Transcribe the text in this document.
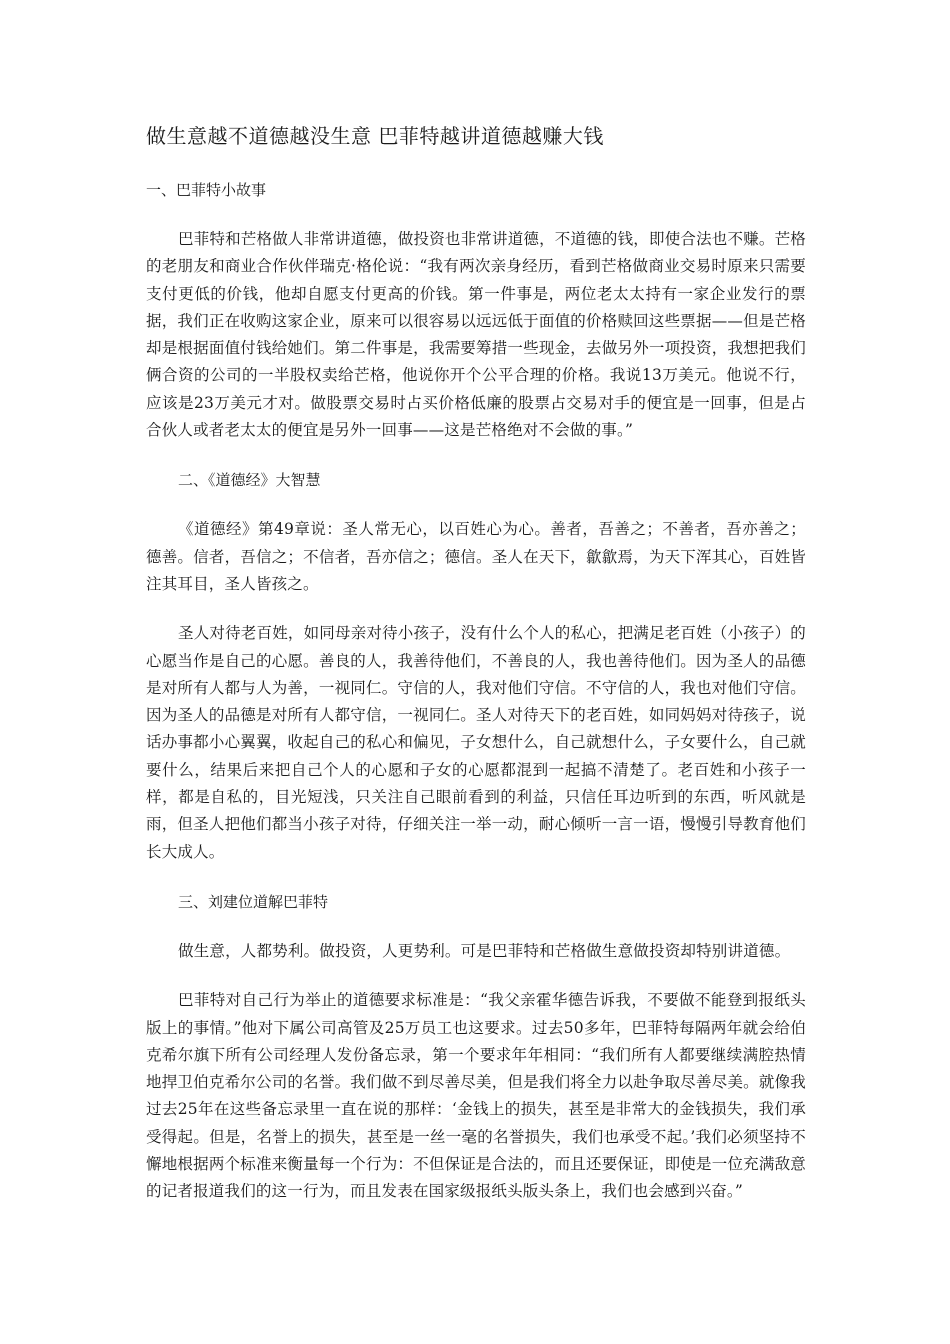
做生意越不道德越没生意 巴菲特越讲道德越赚大钱
一、巴菲特小故事

巴菲特和芒格做人非常讲道德，做投资也非常讲道德，不道德的钱，即使合法也不赚。芒格的老朋友和商业合作伙伴瑞克·格伦说：“我有两次亲身经历，看到芒格做商业交易时原来只需要支付更低的价钱，他却自愿支付更高的价钱。第一件事是，两位老太太持有一家企业发行的票据，我们正在收购这家企业，原来可以很容易以远远低于面值的价格赎回这些票据——但是芒格却是根据面值付钱给她们。第二件事是，我需要筹措一些现金，去做另外一项投资，我想把我们俩合资的公司的一半股权卖给芒格，他说你开个公平合理的价格。我说13万美元。他说不行，应该是23万美元才对。做股票交易时占买价格低廉的股票占交易对手的便宜是一回事，但是占合伙人或者老太太的便宜是另外一回事——这是芒格绝对不会做的事。”

二、《道德经》大智慧

《道德经》第49章说：圣人常无心，以百姓心为心。善者，吾善之；不善者，吾亦善之；德善。信者，吾信之；不信者，吾亦信之；德信。圣人在天下，歙歙焉，为天下浑其心，百姓皆注其耳目，圣人皆孩之。

圣人对待老百姓，如同母亲对待小孩子，没有什么个人的私心，把满足老百姓（小孩子）的心愿当作是自己的心愿。善良的人，我善待他们，不善良的人，我也善待他们。因为圣人的品德是对所有人都与人为善，一视同仁。守信的人，我对他们守信。不守信的人，我也对他们守信。因为圣人的品德是对所有人都守信，一视同仁。圣人对待天下的老百姓，如同妈妈对待孩子，说话办事都小心翼翼，收起自己的私心和偏见，子女想什么，自己就想什么，子女要什么，自己就要什么，结果后来把自己个人的心愿和子女的心愿都混到一起搞不清楚了。老百姓和小孩子一样，都是自私的，目光短浅，只关注自己眼前看到的利益，只信任耳边听到的东西，听风就是雨，但圣人把他们都当小孩子对待，仔细关注一举一动，耐心倾听一言一语，慢慢引导教育他们长大成人。

三、刘建位道解巴菲特

做生意，人都势利。做投资，人更势利。可是巴菲特和芒格做生意做投资却特别讲道德。

巴菲特对自己行为举止的道德要求标准是：“我父亲霍华德告诉我，不要做不能登到报纸头版上的事情。”他对下属公司高管及25万员工也这要求。过去50多年，巴菲特每隔两年就会给伯克希尔旗下所有公司经理人发份备忘录，第一个要求年年相同：“我们所有人都要继续满腔热情地捍卫伯克希尔公司的名誉。我们做不到尽善尽美，但是我们将全力以赴争取尽善尽美。就像我过去25年在这些备忘录里一直在说的那样：‘金钱上的损失，甚至是非常大的金钱损失，我们承受得起。但是，名誉上的损失，甚至是一丝一毫的名誉损失，我们也承受不起。’我们必须坚持不懈地根据两个标准来衡量每一个行为：不但保证是合法的，而且还要保证，即使是一位充满敌意的记者报道我们的这一行为，而且发表在国家级报纸头版头条上，我们也会感到兴奋。”
